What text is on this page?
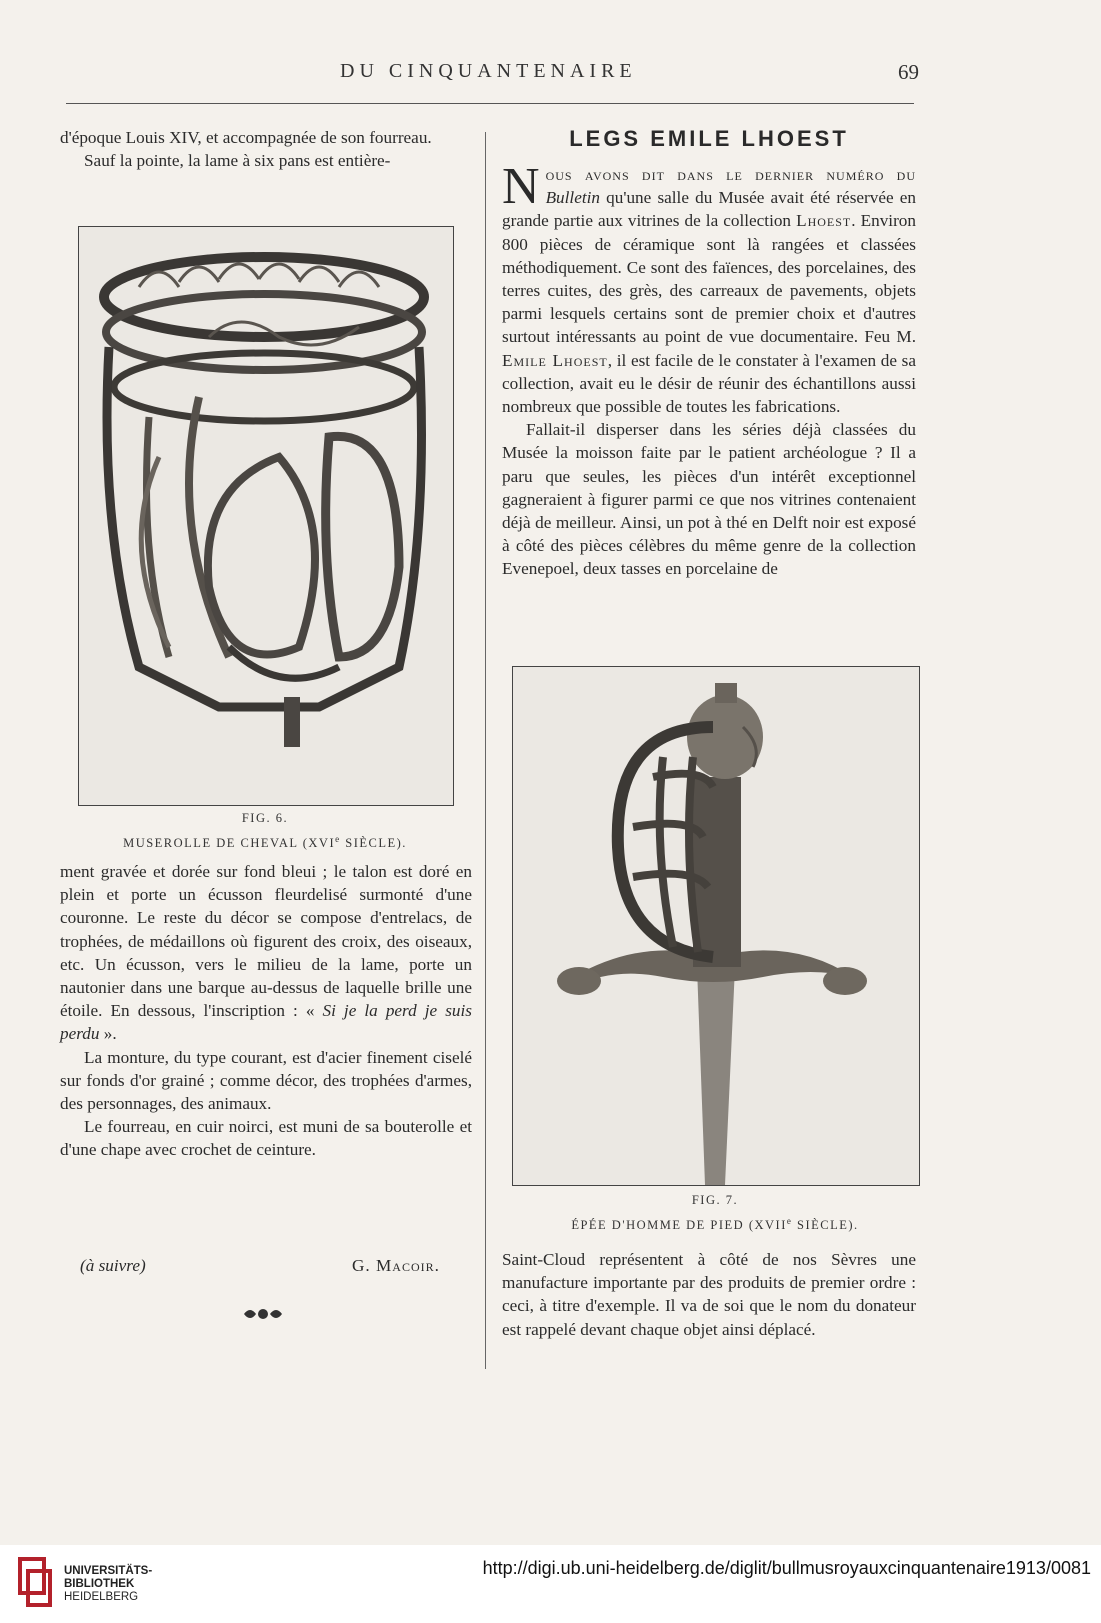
DU CINQUANTENAIRE	69

d'époque Louis XIV, et accompagnée de son fourreau.

Sauf la pointe, la lame à six pans est entière-

FIG. 6.
MUSEROLLE DE CHEVAL (XVIe SIÈCLE).

ment gravée et dorée sur fond bleui ; le talon est doré en plein et porte un écusson fleurdelisé surmonté d'une couronne. Le reste du décor se compose d'entrelacs, de trophées, de médaillons où figurent des croix, des oiseaux, etc. Un écusson, vers le milieu de la lame, porte un nautonier dans une barque au-dessus de laquelle brille une étoile. En dessous, l'inscription : « Si je la perd je suis perdu ».

La monture, du type courant, est d'acier finement ciselé sur fonds d'or grainé ; comme décor, des trophées d'armes, des personnages, des animaux.

Le fourreau, en cuir noirci, est muni de sa bouterolle et d'une chape avec crochet de ceinture.

(à suivre)	G. Macoir.
LEGS EMILE LHOEST

Nous avons dit dans le dernier numéro du Bulletin qu'une salle du Musée avait été réservée en grande partie aux vitrines de la collection Lhoest. Environ 800 pièces de céramique sont là rangées et classées méthodiquement. Ce sont des faïences, des porcelaines, des terres cuites, des grès, des carreaux de pavements, objets parmi lesquels certains sont de premier choix et d'autres surtout intéressants au point de vue documentaire. Feu M. Emile Lhoest, il est facile de le constater à l'examen de sa collection, avait eu le désir de réunir des échantillons aussi nombreux que possible de toutes les fabrications.

Fallait-il disperser dans les séries déjà classées du Musée la moisson faite par le patient archéologue ? Il a paru que seules, les pièces d'un intérêt exceptionnel gagneraient à figurer parmi ce que nos vitrines contenaient déjà de meilleur. Ainsi, un pot à thé en Delft noir est exposé à côté des pièces célèbres du même genre de la collection Evenepoel, deux tasses en porcelaine de

FIG. 7.
ÉPÉE D'HOMME DE PIED (XVIIe SIÈCLE).

Saint-Cloud représentent à côté de nos Sèvres une manufacture importante par des produits de premier ordre : ceci, à titre d'exemple. Il va de soi que le nom du donateur est rappelé devant chaque objet ainsi déplacé.

UNIVERSITÄTS-
BIBLIOTHEK
HEIDELBERG
http://digi.ub.uni-heidelberg.de/diglit/bullmusroyauxcinquantenaire1913/0081
